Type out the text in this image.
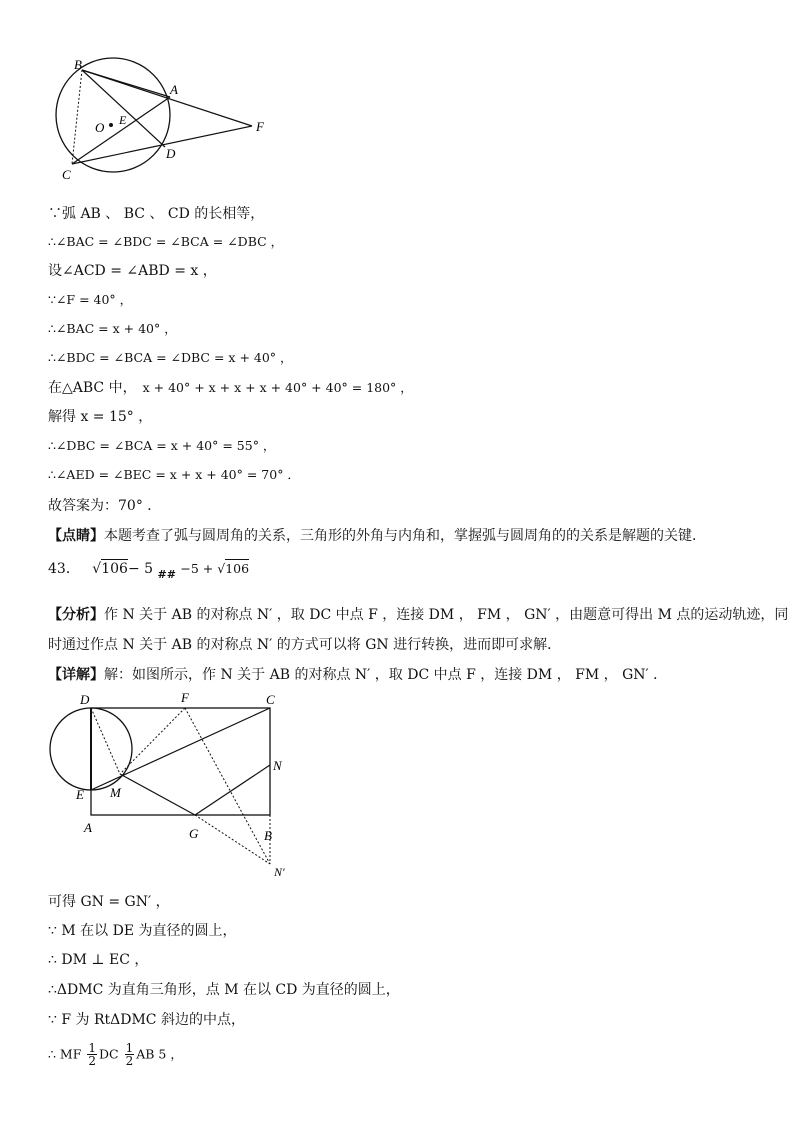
B
A
O E	F
C
D
∵弧 AB 、 BC 、 CD 的长相等，
∴∠BAC = ∠BDC = ∠BCA = ∠DBC ，
设∠ACD = ∠ABD = x ，
∵∠F = 40° ，
∴∠BAC = x + 40° ，
∴∠BDC = ∠BCA = ∠DBC = x + 40° ，
在△ABC 中， x + 40° + x + x + x + 40° + 40° = 180° ，
解得 x = 15° ，
∴∠DBC = ∠BCA = x + 40° = 55° ，
∴∠AED = ∠BEC = x + x + 40° = 70° ．
故答案为：70° ．
【点睛】本题考查了弧与圆周角的关系，三角形的外角与内角和，掌握弧与圆周角的的关系是解题的关键．
43． √106− 5 $_{\#\#}$ −5 + √106
【分析】作 N 关于 AB 的对称点 N′ ，取 DC 中点 F ，连接 DM ， FM ， GN′ ，由题意可得出 M 点的运动轨迹，同
时通过作点 N 关于 AB 的对称点 N′ 的方式可以将 GN 进行转换，进而即可求解．
【详解】解：如图所示，作 N 关于 AB 的对称点 N′ ，取 DC 中点 F ，连接 DM ， FM ， GN′ ．
D	F	C
N
E M
A	G	B
N'
可得 GN = GN′ ，
∵ M 在以 DE 为直径的圆上，
∴ DM ⊥ EC ，
∴ΔDMC 为直角三角形，点 M 在以 CD 为直径的圆上，
∵ F 为 RtΔDMC 斜边的中点，
∴ MF $\frac{1}{2}$ DC $\frac{1}{2}$ AB 5 ，
